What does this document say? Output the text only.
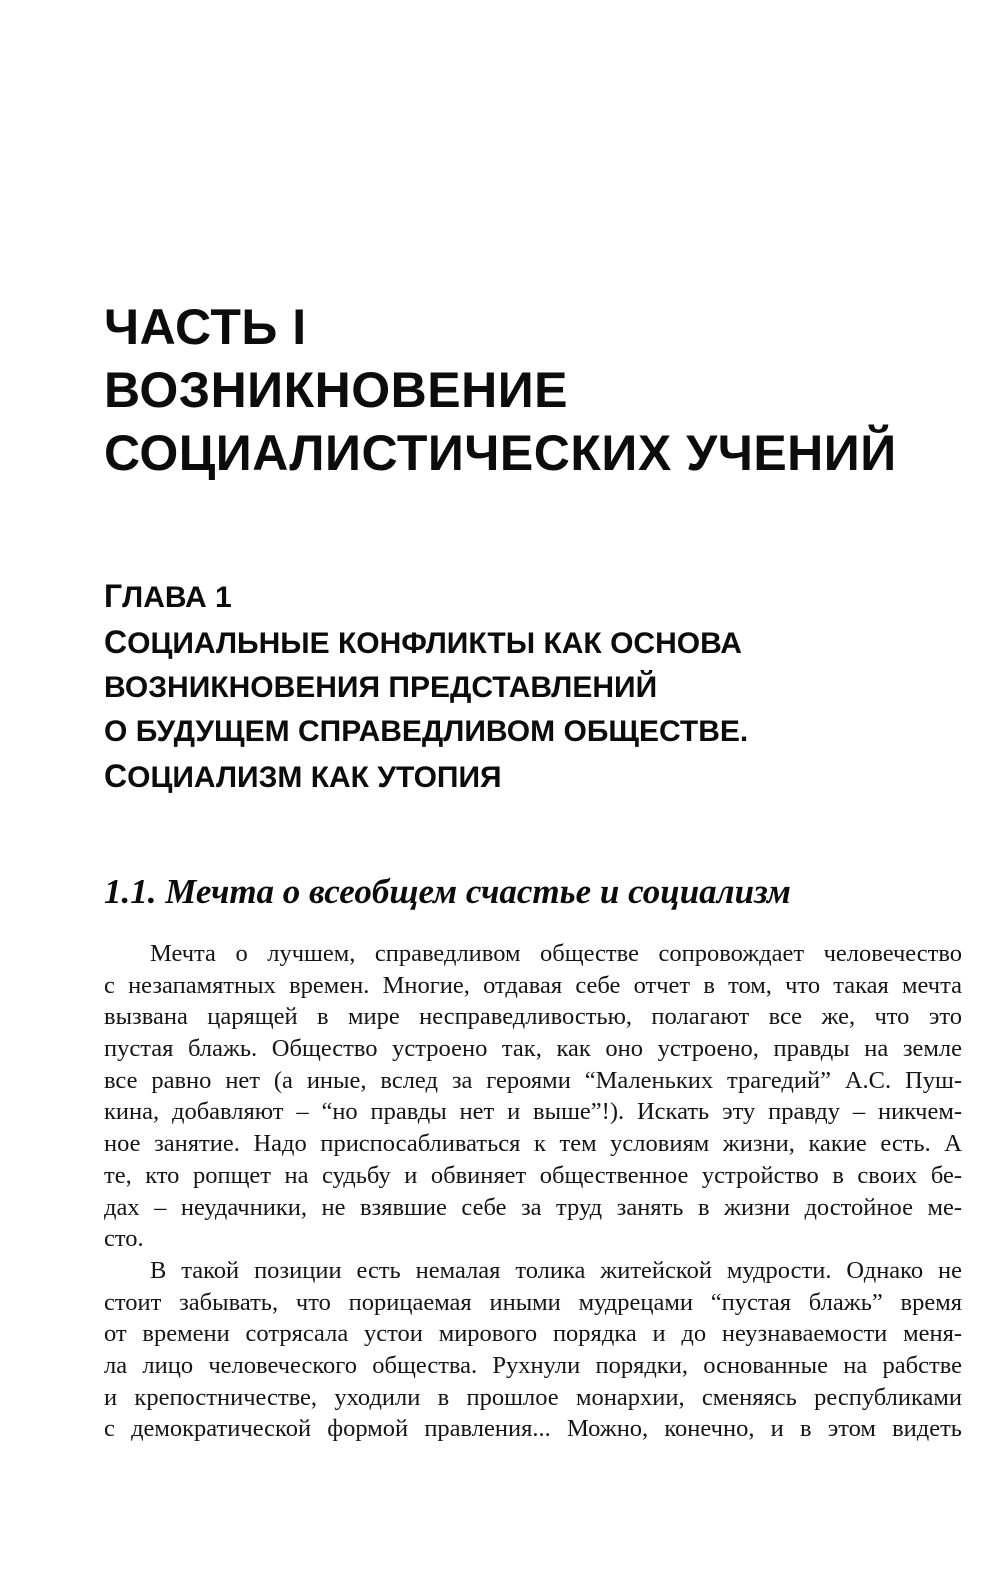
ЧАСТЬ I
ВОЗНИКНОВЕНИЕ
СОЦИАЛИСТИЧЕСКИХ УЧЕНИЙ
ГЛАВА 1
СОЦИАЛЬНЫЕ КОНФЛИКТЫ КАК ОСНОВА
ВОЗНИКНОВЕНИЯ ПРЕДСТАВЛЕНИЙ
О БУДУЩЕМ СПРАВЕДЛИВОМ ОБЩЕСТВЕ.
СОЦИАЛИЗМ КАК УТОПИЯ
1.1. Мечта о всеобщем счастье и социализм
Мечта о лучшем, справедливом обществе сопровождает человечество
с незапамятных времен. Многие, отдавая себе отчет в том, что такая мечта
вызвана царящей в мире несправедливостью, полагают все же, что это
пустая блажь. Общество устроено так, как оно устроено, правды на земле
все равно нет (а иные, вслед за героями “Маленьких трагедий” А.С. Пуш-
кина, добавляют – “но правды нет и выше”!). Искать эту правду – никчем-
ное занятие. Надо приспосабливаться к тем условиям жизни, какие есть. А
те, кто ропщет на судьбу и обвиняет общественное устройство в своих бе-
дах – неудачники, не взявшие себе за труд занять в жизни достойное ме-
сто.
В такой позиции есть немалая толика житейской мудрости. Однако не
стоит забывать, что порицаемая иными мудрецами “пустая блажь” время
от времени сотрясала устои мирового порядка и до неузнаваемости меня-
ла лицо человеческого общества. Рухнули порядки, основанные на рабстве
и крепостничестве, уходили в прошлое монархии, сменяясь республиками
с демократической формой правления... Можно, конечно, и в этом видеть
